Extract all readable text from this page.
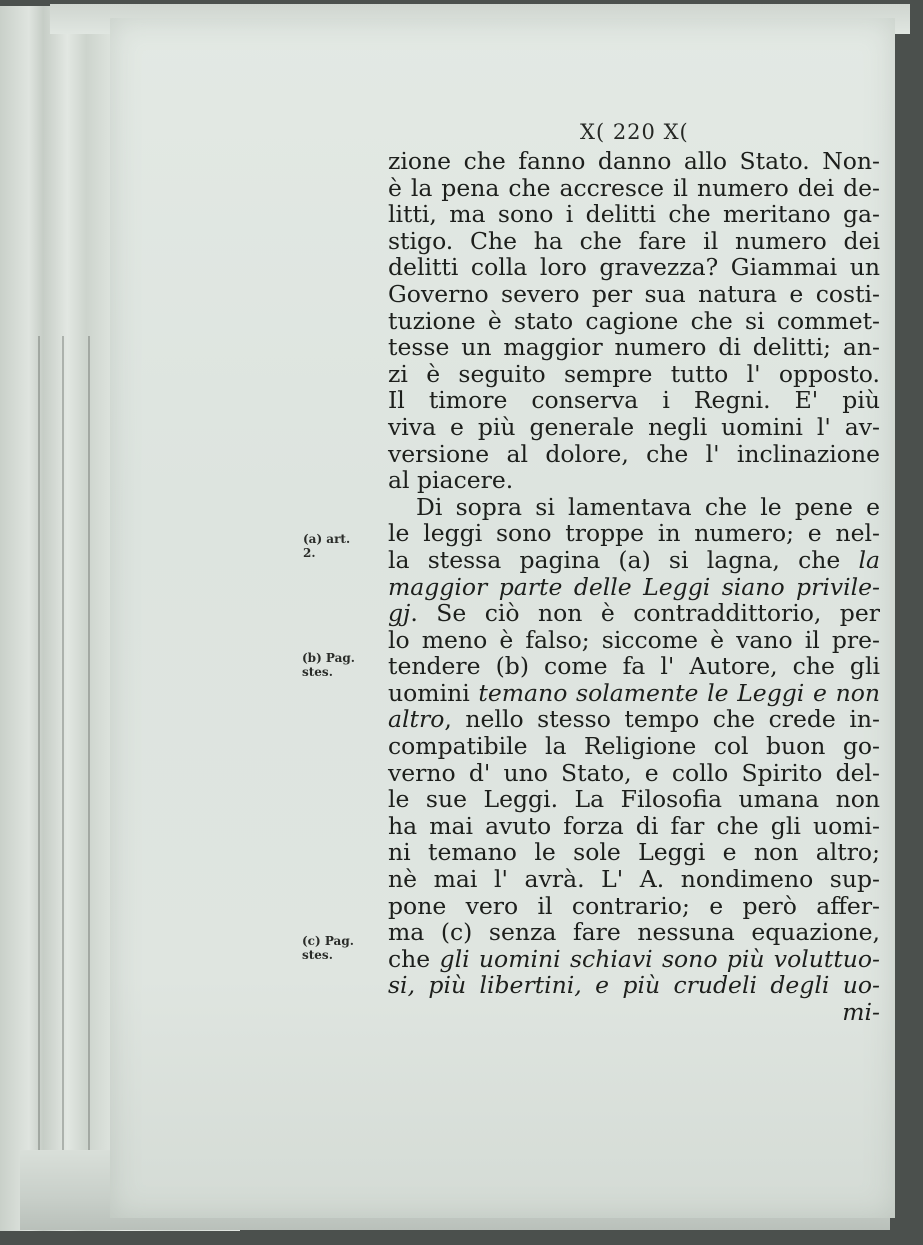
X( 220 X(
zione che fanno danno allo Stato. Non-
è la pena che accresce il numero dei de-
litti, ma sono i delitti che meritano ga-
stigo. Che ha che fare il numero dei
delitti colla loro gravezza? Giammai un
Governo severo per sua natura e costi-
tuzione è stato cagione che si commet-
tesse un maggior numero di delitti; an-
zi è seguito sempre tutto l' opposto.
Il timore conserva i Regni. E' più
viva e più generale negli uomini l' av-
versione al dolore, che l' inclinazione
al piacere.
Di sopra si lamentava che le pene e
le leggi sono troppe in numero; e nel-
la stessa pagina (a) si lagna, che la
maggior parte delle Leggi siano privile-
gj. Se ciò non è contraddittorio, per
lo meno è falso; siccome è vano il pre-
tendere (b) come fa l' Autore, che gli
uomini temano solamente le Leggi e non
altro, nello stesso tempo che crede in-
compatibile la Religione col buon go-
verno d' uno Stato, e collo Spirito del-
le sue Leggi. La Filosofia umana non
ha mai avuto forza di far che gli uomi-
ni temano le sole Leggi e non altro;
nè mai l' avrà. L' A. nondimeno sup-
pone vero il contrario; e però affer-
ma (c) senza fare nessuna equazione,
che gli uomini schiavi sono più voluttuo-
si, più libertini, e più crudeli degli uo-
mi-
(a) art.
2.
(b) Pag.
stes.
(c) Pag.
stes.
